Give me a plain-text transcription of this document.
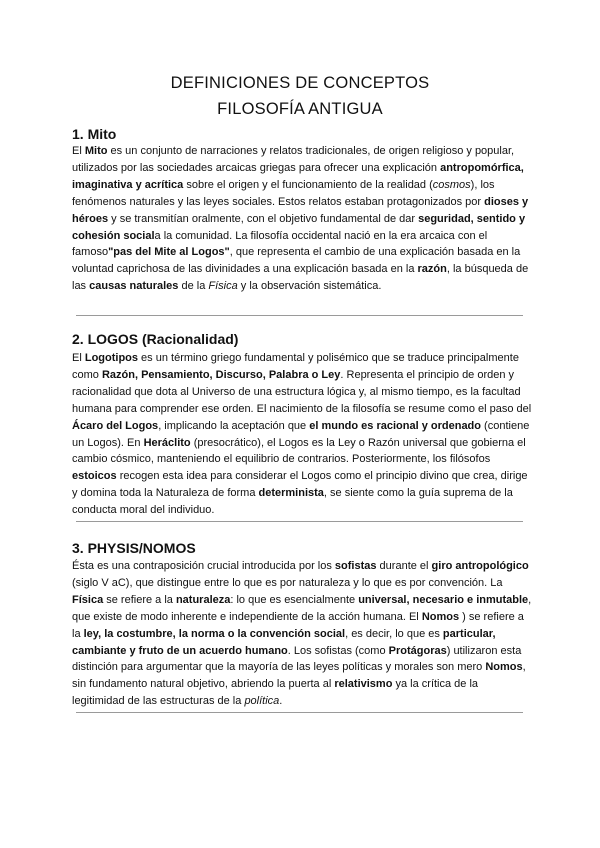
DEFINICIONES DE CONCEPTOS
FILOSOFÍA ANTIGUA
1. Mito
El Mito es un conjunto de narraciones y relatos tradicionales, de origen religioso y popular, utilizados por las sociedades arcaicas griegas para ofrecer una explicación antropomórfica, imaginativa y acrítica sobre el origen y el funcionamiento de la realidad (cosmos), los fenómenos naturales y las leyes sociales. Estos relatos estaban protagonizados por dioses y héroes y se transmitían oralmente, con el objetivo fundamental de dar seguridad, sentido y cohesión sociala la comunidad. La filosofía occidental nació en la era arcaica con el famoso"pas del Mite al Logos", que representa el cambio de una explicación basada en la voluntad caprichosa de las divinidades a una explicación basada en la razón, la búsqueda de las causas naturales de la Física y la observación sistemática.
2. LOGOS (Racionalidad)
El Logotipos es un término griego fundamental y polisémico que se traduce principalmente como Razón, Pensamiento, Discurso, Palabra o Ley. Representa el principio de orden y racionalidad que dota al Universo de una estructura lógica y, al mismo tiempo, es la facultad humana para comprender ese orden. El nacimiento de la filosofía se resume como el paso del Ácaro del Logos, implicando la aceptación que el mundo es racional y ordenado (contiene un Logos). En Heráclito (presocrático), el Logos es la Ley o Razón universal que gobierna el cambio cósmico, manteniendo el equilibrio de contrarios. Posteriormente, los filósofos estoicos recogen esta idea para considerar el Logos como el principio divino que crea, dirige y domina toda la Naturaleza de forma determinista, se siente como la guía suprema de la conducta moral del individuo.
3. PHYSIS/NOMOS
Ésta es una contraposición crucial introducida por los sofistas durante el giro antropológico (siglo V aC), que distingue entre lo que es por naturaleza y lo que es por convención. La Física se refiere a la naturaleza: lo que es esencialmente universal, necesario e inmutable, que existe de modo inherente e independiente de la acción humana. El Nomos ) se refiere a la ley, la costumbre, la norma o la convención social, es decir, lo que es particular, cambiante y fruto de un acuerdo humano. Los sofistas (como Protágoras) utilizaron esta distinción para argumentar que la mayoría de las leyes políticas y morales son mero Nomos, sin fundamento natural objetivo, abriendo la puerta al relativismo ya la crítica de la legitimidad de las estructuras de la política.
